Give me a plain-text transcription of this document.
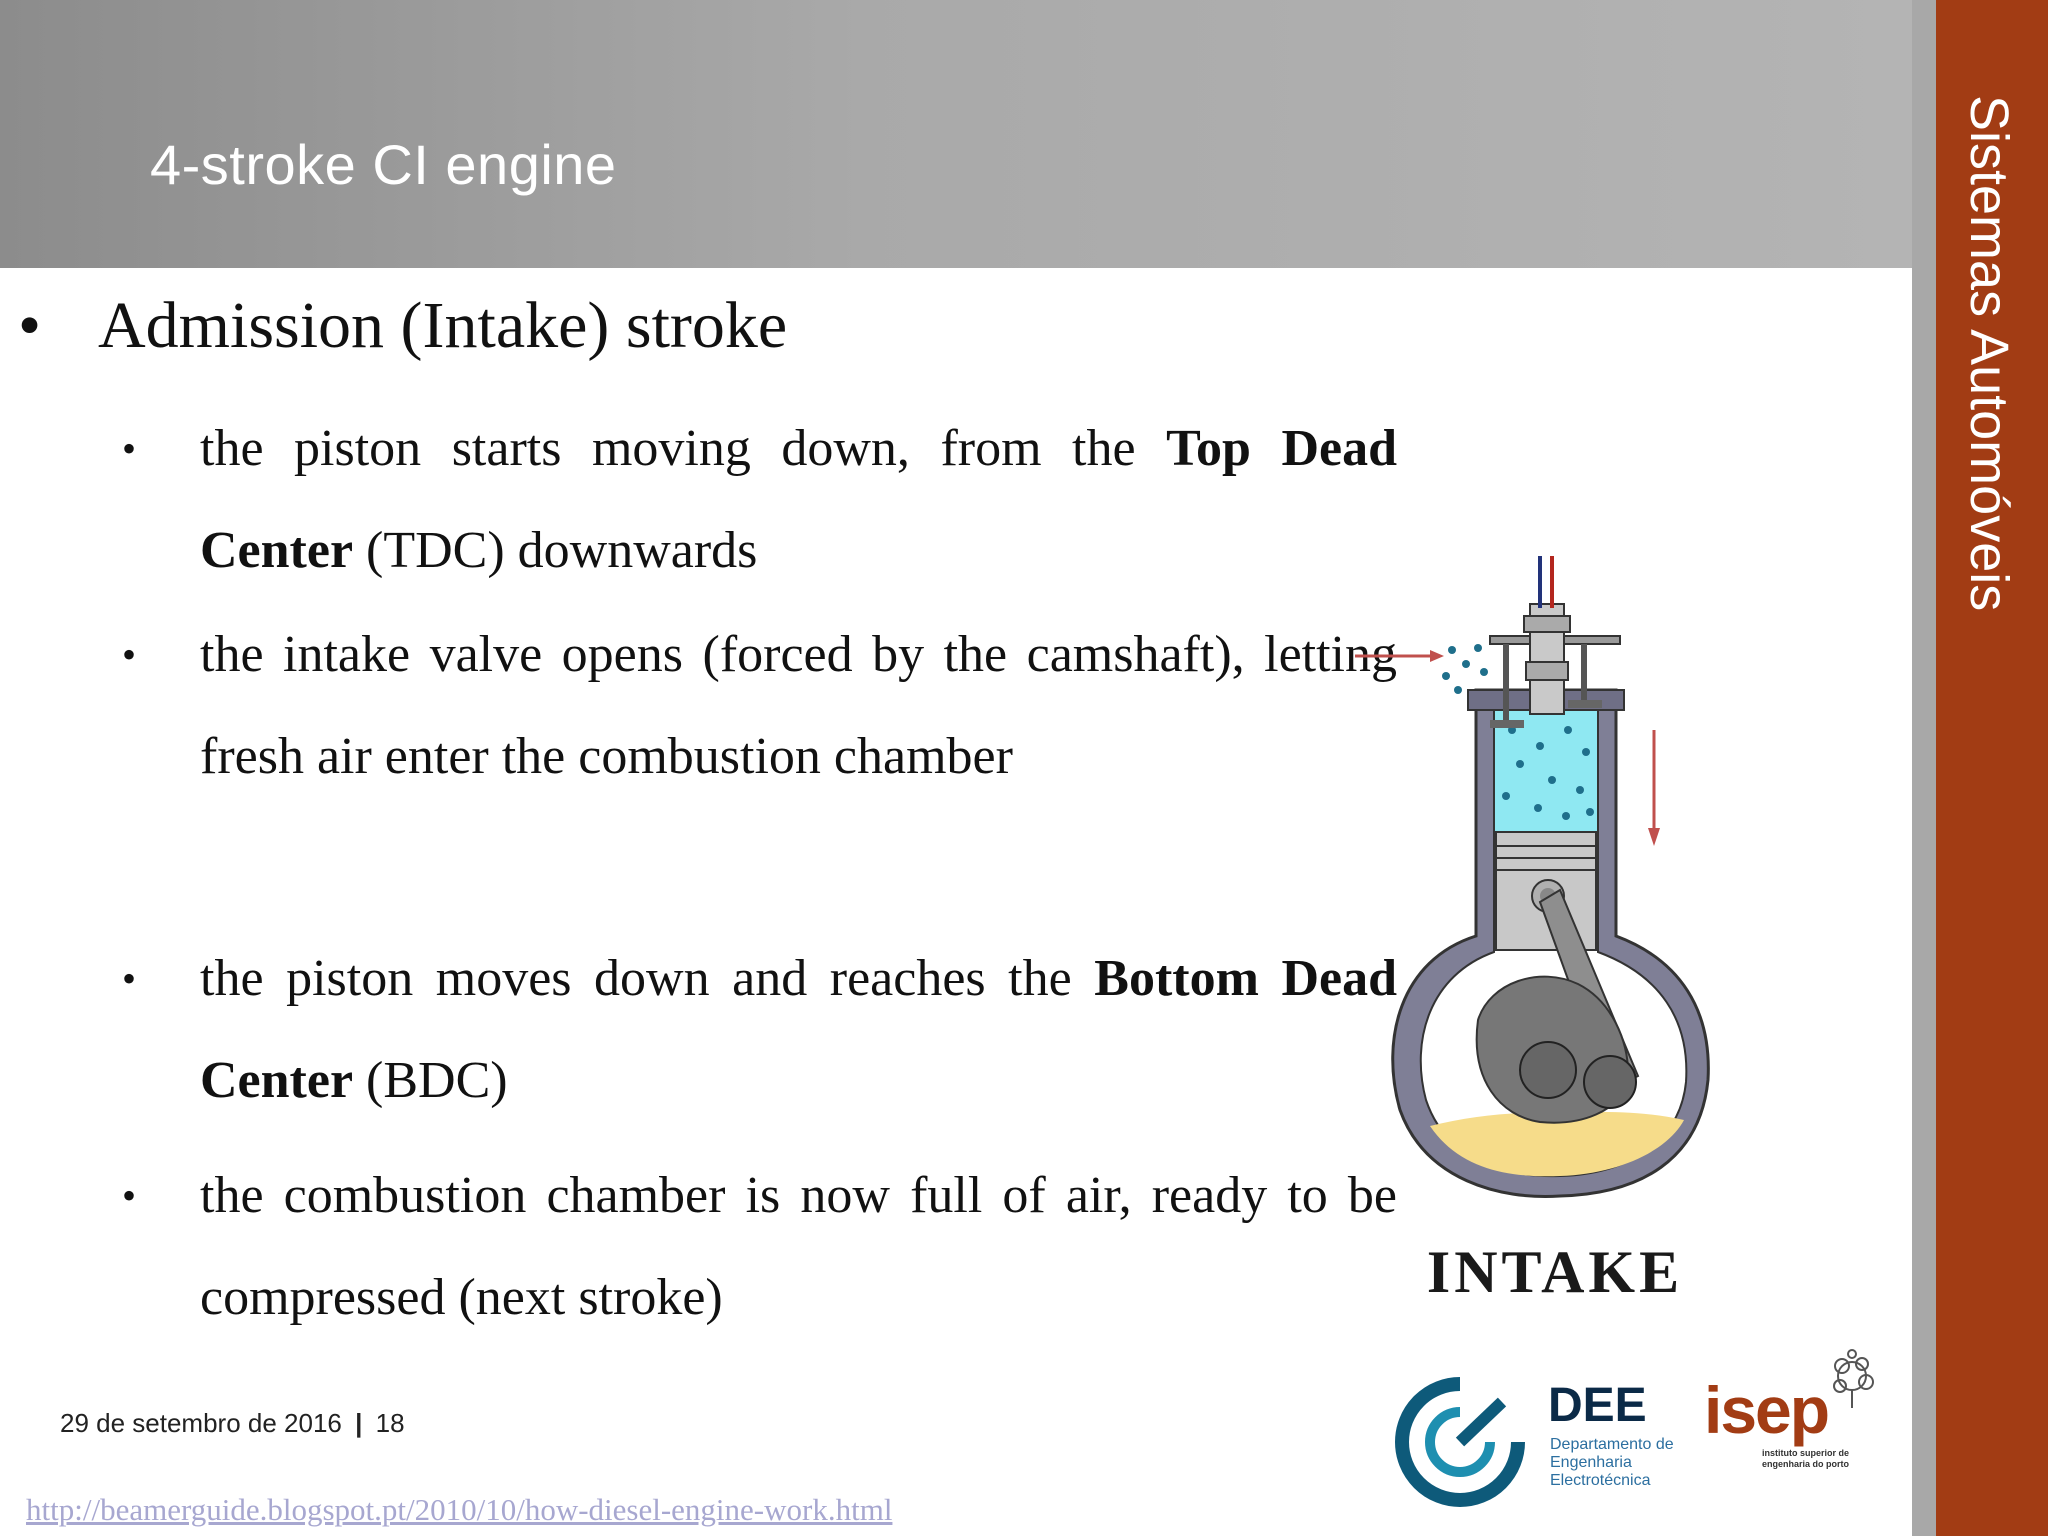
4-stroke CI engine	Sistemas Automóveis
• Admission (Intake) stroke
•	the piston starts moving down, from the Top Dead Center (TDC) downwards
•	the intake valve opens (forced by the camshaft), letting fresh air enter the combustion chamber
•	the piston moves down and reaches the Bottom Dead Center (BDC)
•	the combustion chamber is now full of air, ready to be compressed (next stroke)	INTAKE
DEE
Departamento de Engenharia Electrotécnica
isep
instituto superior de engenharia do porto
29 de setembro de 2016 | 18
http://beamerguide.blogspot.pt/2010/10/how-diesel-engine-work.html
